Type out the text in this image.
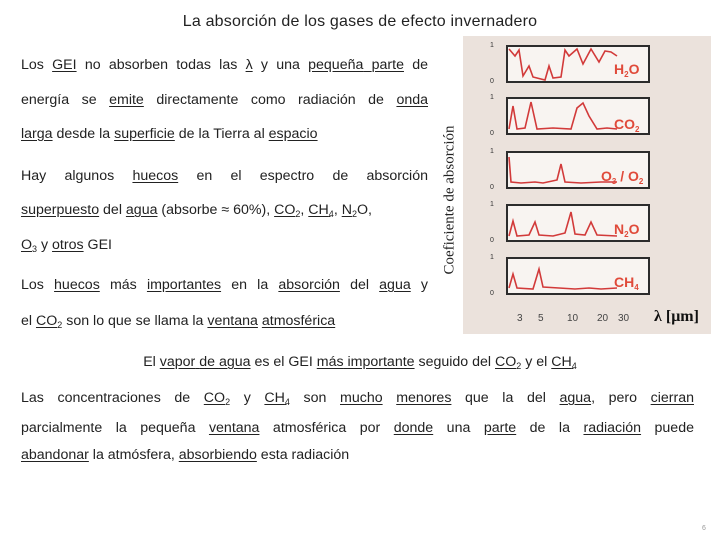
La absorción de los gases de efecto invernadero
Los GEI no absorben todas las λ y una pequeña parte de
energía se emite directamente como radiación de onda
larga desde la superficie de la Tierra al espacio
Hay algunos huecos en el espectro de absorción
superpuesto del agua (absorbe ≈ 60%), $CO_2$, $CH_4$, $N_2O$,
$O_3$ y otros GEI
Los huecos más importantes en la absorción del agua y
el $CO_2$ son lo que se llama la ventana atmosférica
Coeficiente de absorción
1
0
1
0
1
0
1
0
1
0
$H_2O$
$CO_2$
$O_3 / O_2$
$N_2O$
$CH_4$
3 5 10 20 30 λ [μm]
El vapor de agua es el GEI más importante seguido del $CO_2$ y el $CH_4$
Las concentraciones de $CO_2$ y $CH_4$ son mucho menores que la del agua, pero cierran
parcialmente la pequeña ventana atmosférica por donde una parte de la radiación puede
abandonar la atmósfera, absorbiendo esta radiación
6
